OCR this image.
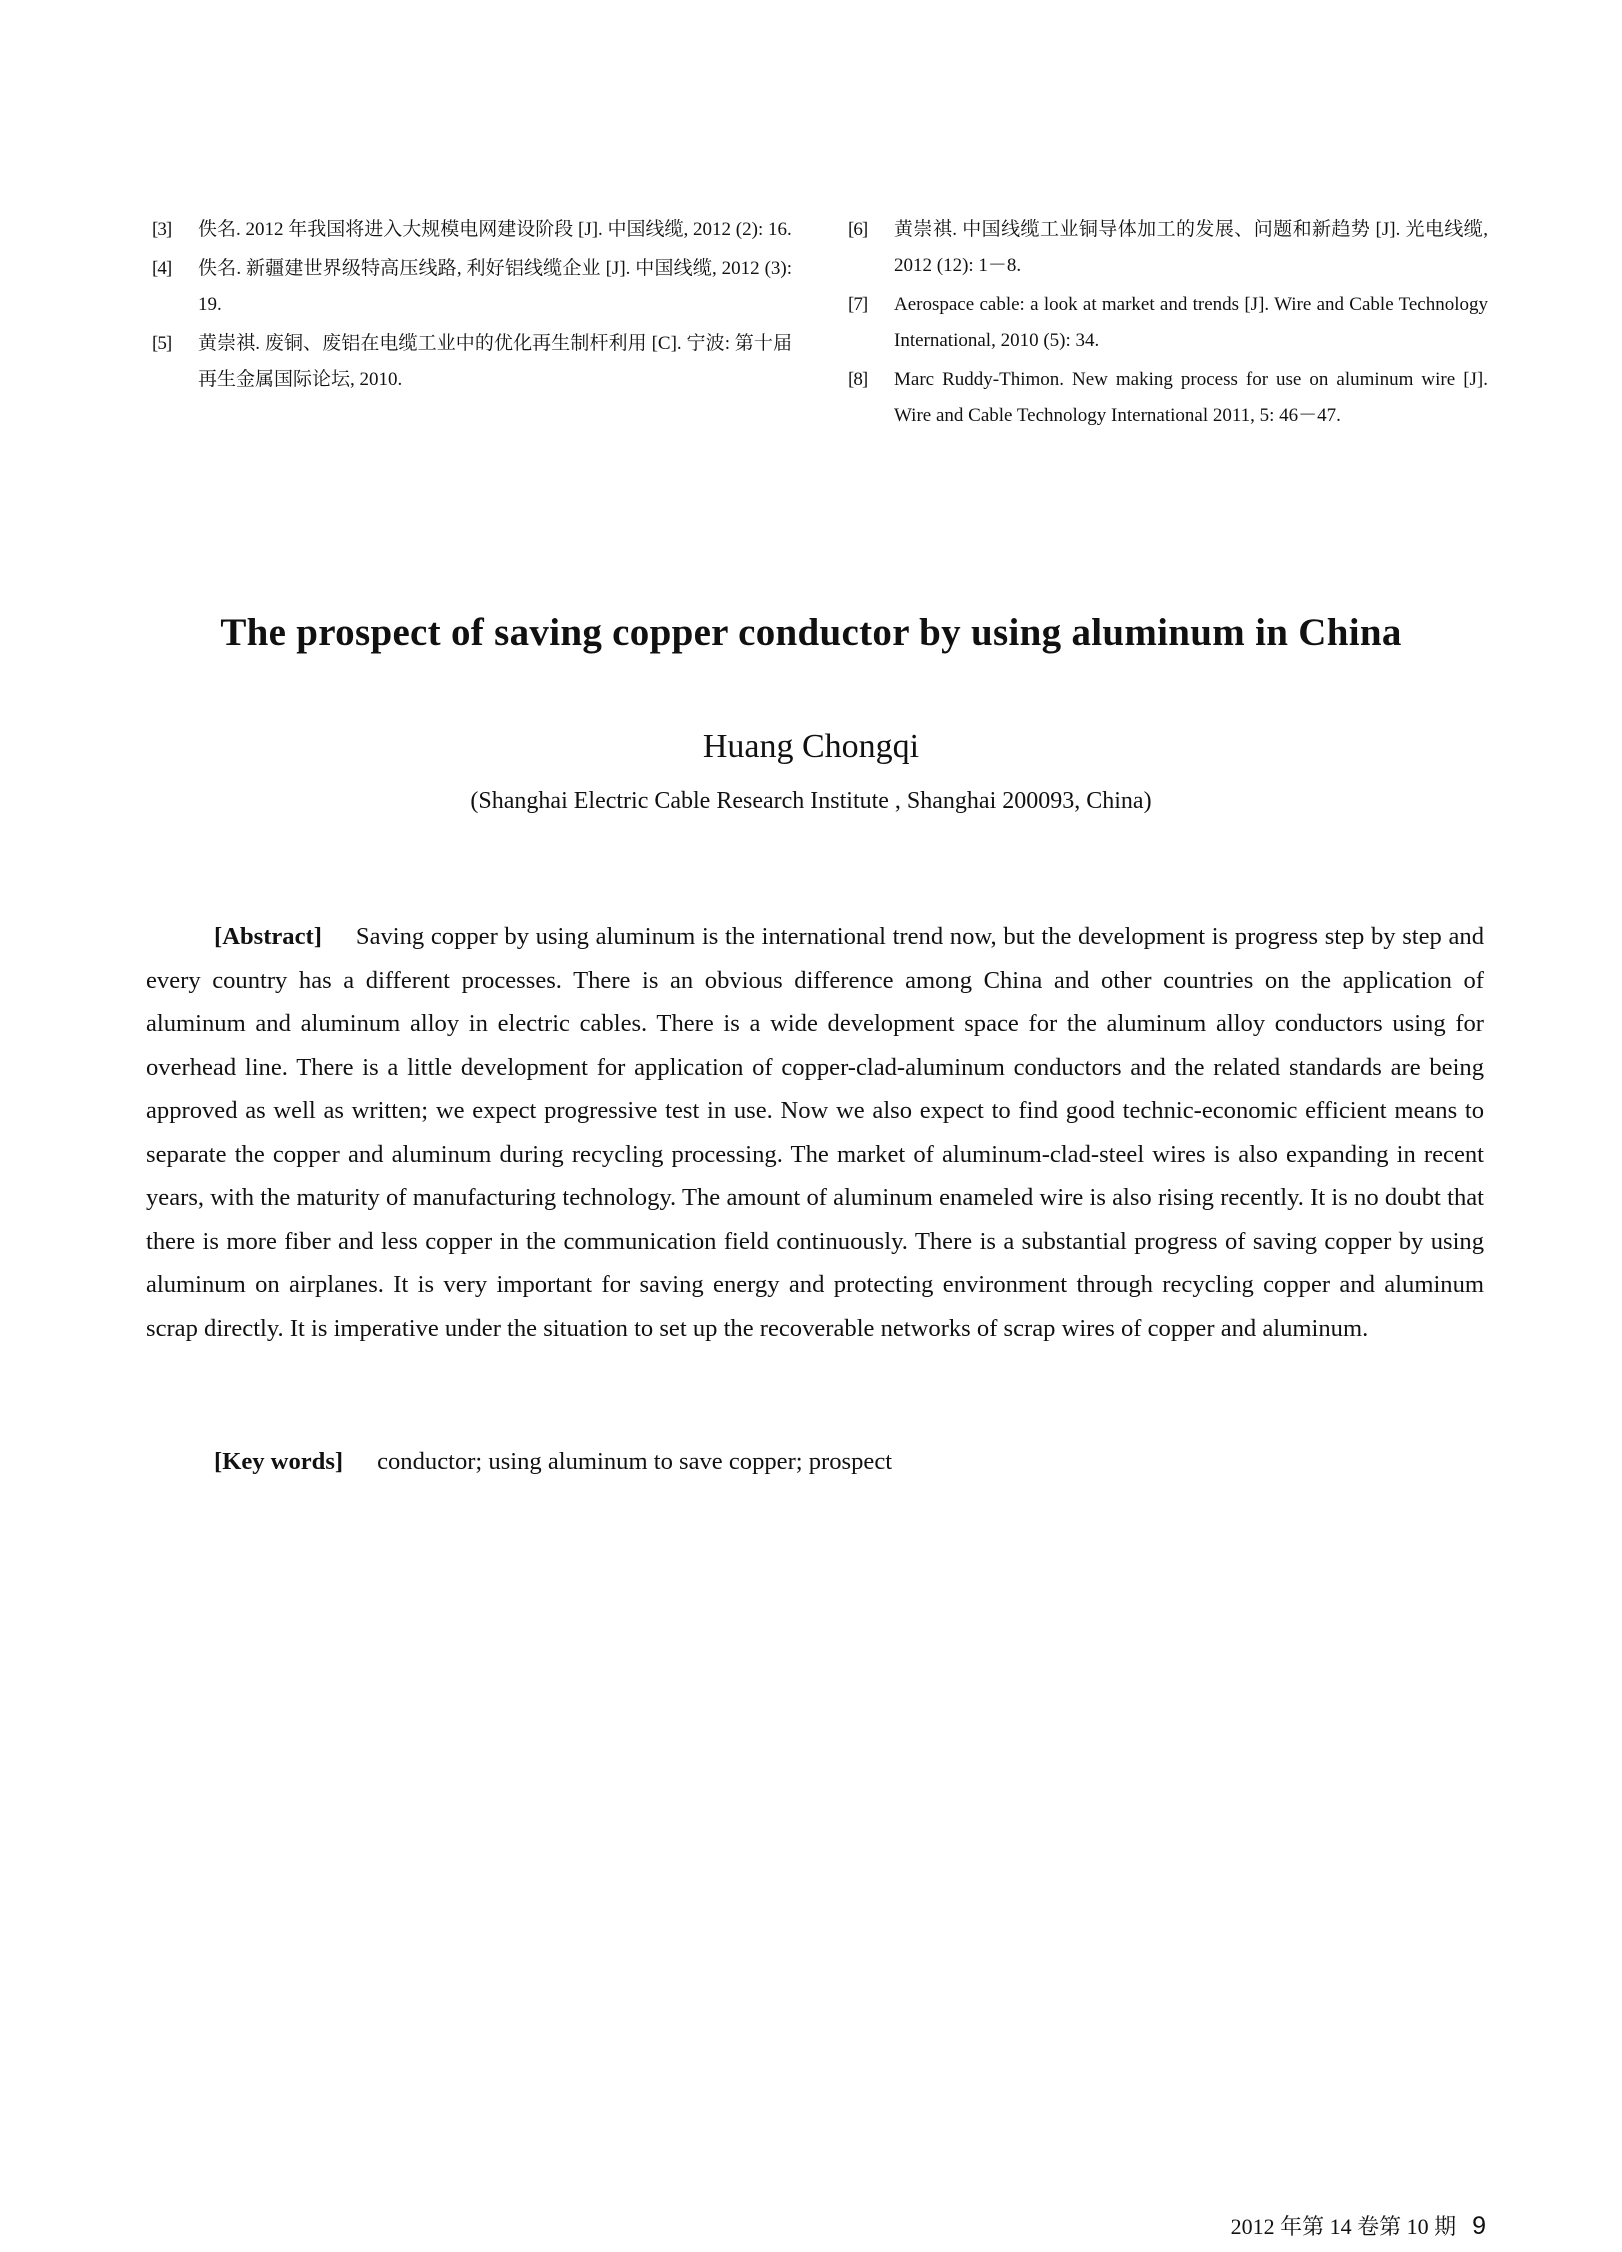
[3]	佚名. 2012 年我国将进入大规模电网建设阶段 [J]. 中国线缆, 2012 (2): 16.
[4]	佚名. 新疆建世界级特高压线路, 利好铝线缆企业 [J]. 中国线缆, 2012 (3): 19.
[5]	黄崇祺. 废铜、废铝在电缆工业中的优化再生制杆利用 [C]. 宁波: 第十届再生金属国际论坛, 2010.
[6]	黄崇祺. 中国线缆工业铜导体加工的发展、问题和新趋势 [J]. 光电线缆, 2012 (12): 1－8.
[7]	Aerospace cable: a look at market and trends [J]. Wire and Cable Technology International, 2010 (5): 34.
[8]	Marc Ruddy-Thimon. New making process for use on aluminum wire [J]. Wire and Cable Technology International 2011, 5: 46－47.
The prospect of saving copper conductor by using aluminum in China
Huang Chongqi
(Shanghai Electric Cable Research Institute , Shanghai 200093, China)

[Abstract] Saving copper by using aluminum is the international trend now, but the development is progress step by step and every country has a different processes. There is an obvious difference among China and other countries on the application of aluminum and aluminum alloy in electric cables. There is a wide development space for the aluminum alloy conductors using for overhead line. There is a little development for application of copper-clad-aluminum conductors and the related standards are being approved as well as written; we expect progressive test in use. Now we also expect to find good technic-economic efficient means to separate the copper and aluminum during recycling processing. The market of aluminum-clad-steel wires is also expanding in recent years, with the maturity of manufacturing technology. The amount of aluminum enameled wire is also rising recently. It is no doubt that there is more fiber and less copper in the communication field continuously. There is a substantial progress of saving copper by using aluminum on airplanes. It is very important for saving energy and protecting environment through recycling copper and aluminum scrap directly. It is imperative under the situation to set up the recoverable networks of scrap wires of copper and aluminum.

[Key words] conductor; using aluminum to save copper; prospect

2012 年第 14 卷第 10 期 9
